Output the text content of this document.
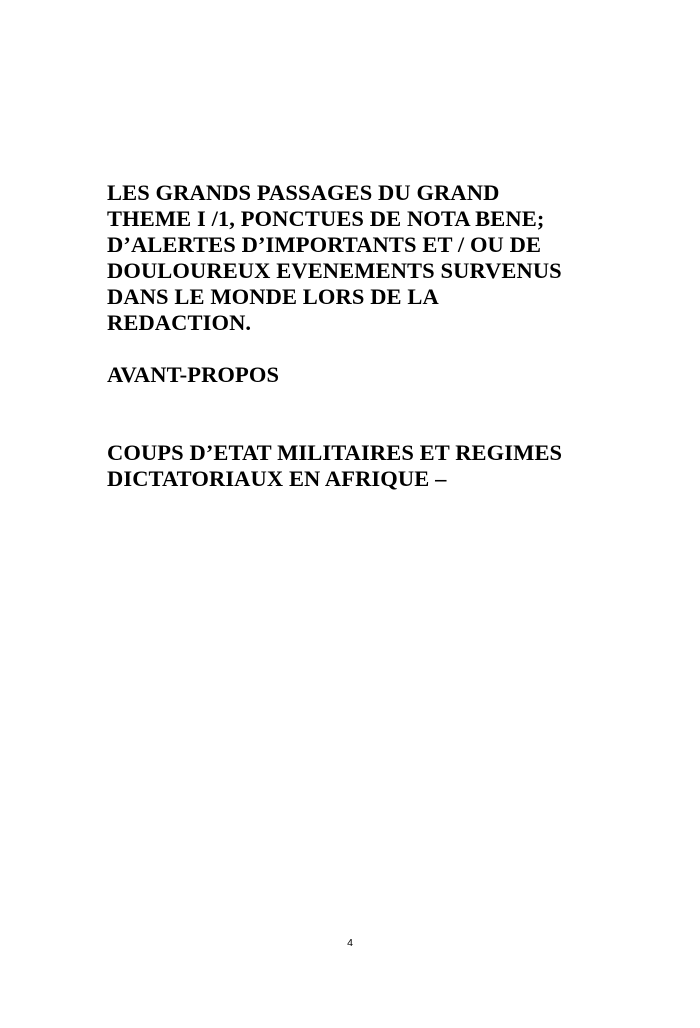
LES GRANDS PASSAGES DU GRAND

THEME I /1, PONCTUES DE NOTA BENE;

D’ALERTES D’IMPORTANTS ET / OU DE

DOULOUREUX EVENEMENTS SURVENUS

DANS LE MONDE LORS DE LA

REDACTION.

AVANT-PROPOS

COUPS D’ETAT MILITAIRES ET REGIMES

DICTATORIAUX EN AFRIQUE –

4
